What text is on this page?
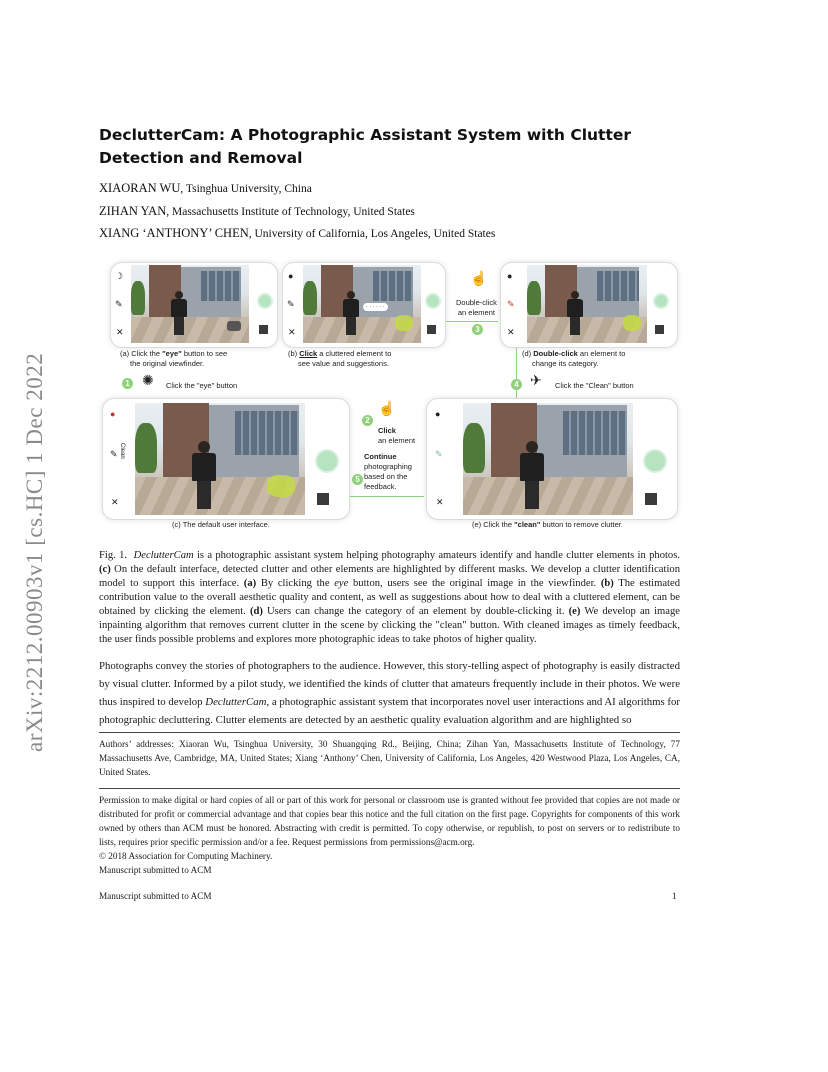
arXiv:2212.00903v1 [cs.HC] 1 Dec 2022
DeclutterCam: A Photographic Assistant System with Clutter Detection and Removal
XIAORAN WU, Tsinghua University, China
ZIHAN YAN, Massachusetts Institute of Technology, United States
XIANG ‘ANTHONY’ CHEN, University of California, Los Angeles, United States
☽
✎
✕
●
✎
✕
· · · · · ·
●
✎
✕
(a) Click the "eye" button to see
the original viewfinder.
(b) Click a cluttered element to
see value and suggestions.
(d) Double-click an element to
change its category.
1 ✺ Click the "eye" button
☝
Double-click
an element
3
4 ✈ Click the "Clean" button
●
✎ Clean
✕
2
☝
Click
an element
Continue
photographing
based on the
feedback.
5
●
✎
✕
(c) The default user interface.	(e) Click the "clean" button to remove clutter.
Fig. 1. DeclutterCam is a photographic assistant system helping photography amateurs identify and handle clutter elements in photos. (c) On the default interface, detected clutter and other elements are highlighted by different masks. We develop a clutter identification model to support this interface. (a) By clicking the eye button, users see the original image in the viewfinder. (b) The estimated contribution value to the overall aesthetic quality and content, as well as suggestions about how to deal with a cluttered element, can be obtained by clicking the element. (d) Users can change the category of an element by double-clicking it. (e) We develop an image inpainting algorithm that removes current clutter in the scene by clicking the "clean" button. With cleaned images as timely feedback, the user finds possible problems and explores more photographic ideas to take photos of higher quality.
Photographs convey the stories of photographers to the audience. However, this story-telling aspect of photography is easily distracted by visual clutter. Informed by a pilot study, we identified the kinds of clutter that amateurs frequently include in their photos. We were thus inspired to develop DeclutterCam, a photographic assistant system that incorporates novel user interactions and AI algorithms for photographic decluttering. Clutter elements are detected by an aesthetic quality evaluation algorithm and are highlighted so
Authors’ addresses: Xiaoran Wu, Tsinghua University, 30 Shuangqing Rd., Beijing, China; Zihan Yan, Massachusetts Institute of Technology, 77 Massachusetts Ave, Cambridge, MA, United States; Xiang ‘Anthony’ Chen, University of California, Los Angeles, 420 Westwood Plaza, Los Angeles, CA, United States.
Permission to make digital or hard copies of all or part of this work for personal or classroom use is granted without fee provided that copies are not made or distributed for profit or commercial advantage and that copies bear this notice and the full citation on the first page. Copyrights for components of this work owned by others than ACM must be honored. Abstracting with credit is permitted. To copy otherwise, or republish, to post on servers or to redistribute to lists, requires prior specific permission and/or a fee. Request permissions from permissions@acm.org.
© 2018 Association for Computing Machinery.
Manuscript submitted to ACM
Manuscript submitted to ACM	1
